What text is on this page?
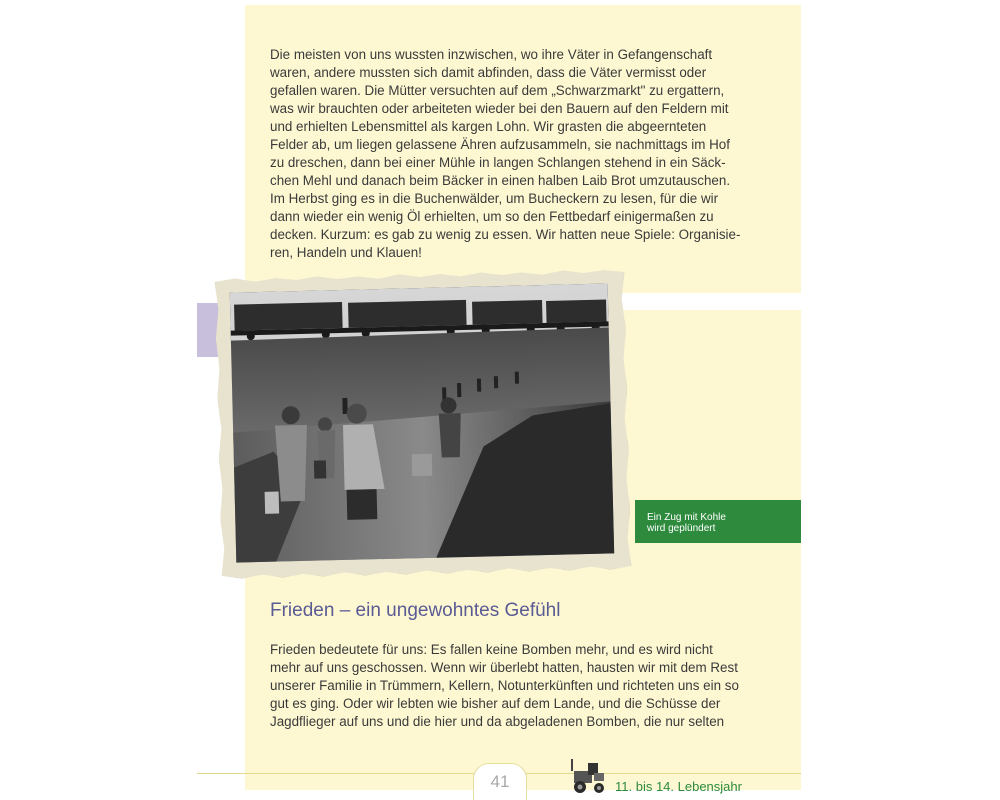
Die meisten von uns wussten inzwischen, wo ihre Väter in Gefangenschaft
waren, andere mussten sich damit abfinden, dass die Väter vermisst oder
gefallen waren. Die Mütter versuchten auf dem „Schwarzmarkt" zu ergattern,
was wir brauchten oder arbeiteten wieder bei den Bauern auf den Feldern mit
und erhielten Lebensmittel als kargen Lohn. Wir grasten die abgeernteten
Felder ab, um liegen gelassene Ähren aufzusammeln, sie nachmittags im Hof
zu dreschen, dann bei einer Mühle in langen Schlangen stehend in ein Säck-
chen Mehl und danach beim Bäcker in einen halben Laib Brot umzutauschen.
Im Herbst ging es in die Buchenwälder, um Bucheckern zu lesen, für die wir
dann wieder ein wenig Öl erhielten, um so den Fettbedarf einigermaßen zu
decken. Kurzum: es gab zu wenig zu essen. Wir hatten neue Spiele: Organisie-
ren, Handeln und Klauen!
Ein Zug mit Kohle
wird geplündert
Frieden – ein ungewohntes Gefühl
Frieden bedeutete für uns: Es fallen keine Bomben mehr, und es wird nicht
mehr auf uns geschossen. Wenn wir überlebt hatten, hausten wir mit dem Rest
unserer Familie in Trümmern, Kellern, Notunterkünften und richteten uns ein so
gut es ging. Oder wir lebten wie bisher auf dem Lande, und die Schüsse der
Jagdflieger auf uns und die hier und da abgeladenen Bomben, die nur selten
41	11. bis 14. Lebensjahr
